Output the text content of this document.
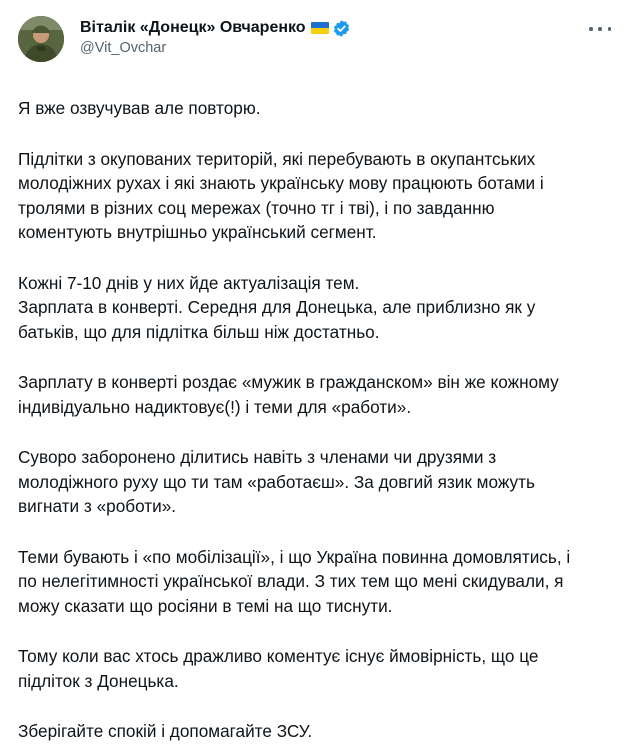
Віталік «Донецк» Овчаренко
@Vit_Ovchar

Я вже озвучував але повторю.

Підлітки з окупованих територій, які перебувають в окупантських
молодіжних рухах і які знають українську мову працюють ботами і
тролями в різних соц мережах (точно тг і тві), і по завданню
коментують внутрішньо український сегмент.

Кожні 7-10 днів у них йде актуалізація тем.
Зарплата в конверті. Середня для Донецька, але приблизно як у
батьків, що для підлітка більш ніж достатньо.

Зарплату в конверті роздає «мужик в гражданском» він же кожному
індивідуально надиктовує(!) і теми для «работи».

Суворо заборонено ділитись навіть з членами чи друзями з
молодіжного руху що ти там «работаєш». За довгий язик можуть
вигнати з «роботи».

Теми бувають і «по мобілізації», і що Україна повинна домовлятись, і
по нелегітимності української влади. З тих тем що мені скидували, я
можу сказати що росіяни в темі на що тиснути.

Тому коли вас хтось дражливо коментує існує ймовірність, що це
підліток з Донецька.

Зберігайте спокій і допомагайте ЗСУ.
